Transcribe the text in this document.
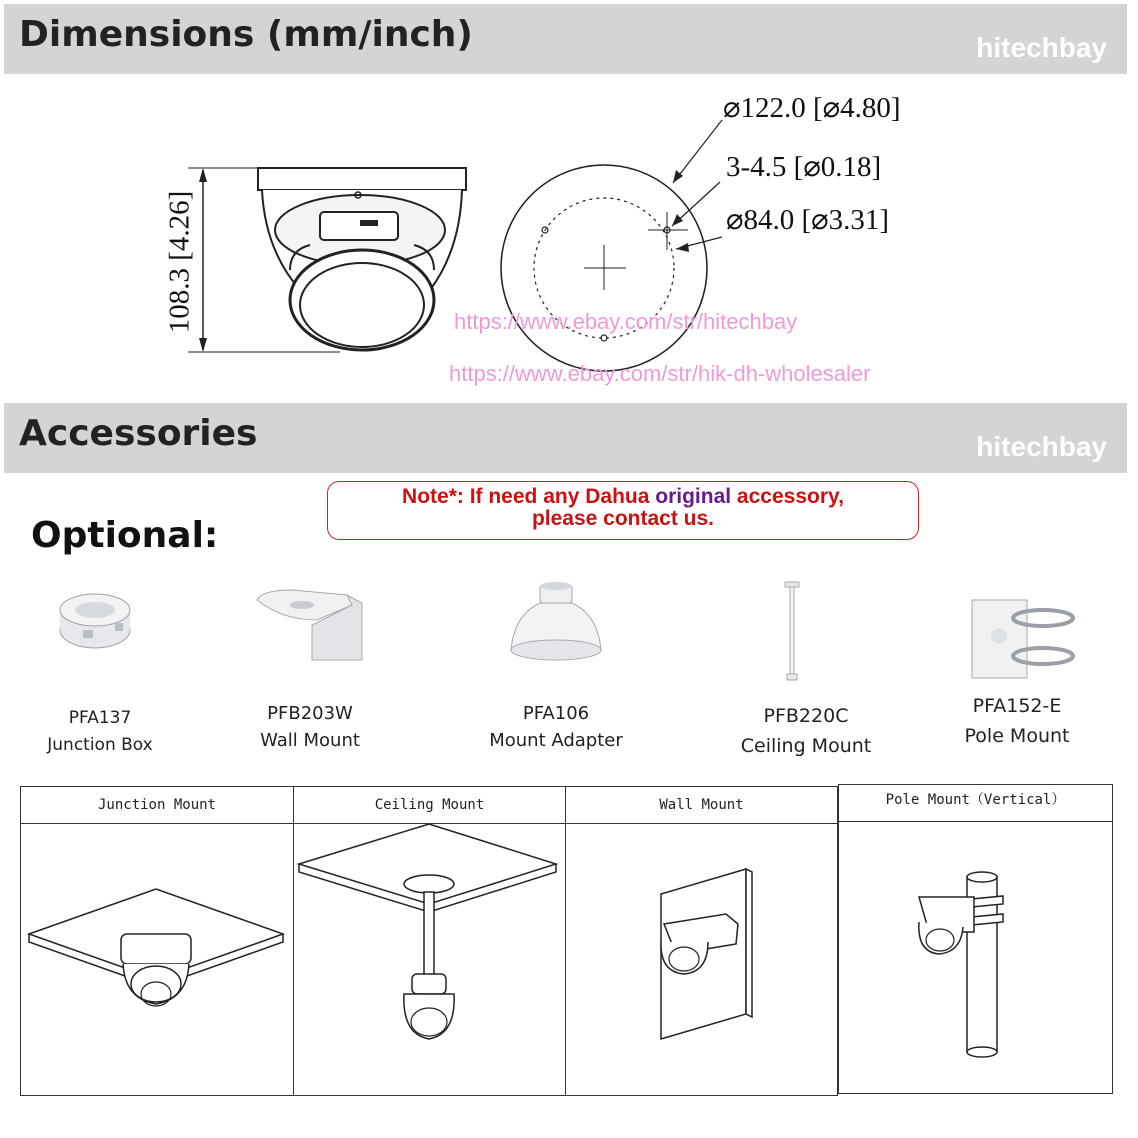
Dimensions (mm/inch)	hitechbay
108.3 [4.26]
⌀122.0 [⌀4.80]
3-4.5 [⌀0.18]
⌀84.0 [⌀3.31]
https://www.ebay.com/str/hitechbay
https://www.ebay.com/str/hik-dh-wholesaler
Accessories	hitechbay
Note*: If need any Dahua original accessory,
please contact us.
Optional:
PFA137
Junction Box
PFB203W
Wall Mount
PFA106
Mount Adapter
PFB220C
Ceiling Mount
PFA152-E
Pole Mount
Junction Mount	Ceiling Mount	Wall Mount	Pole Mount（Vertical）
